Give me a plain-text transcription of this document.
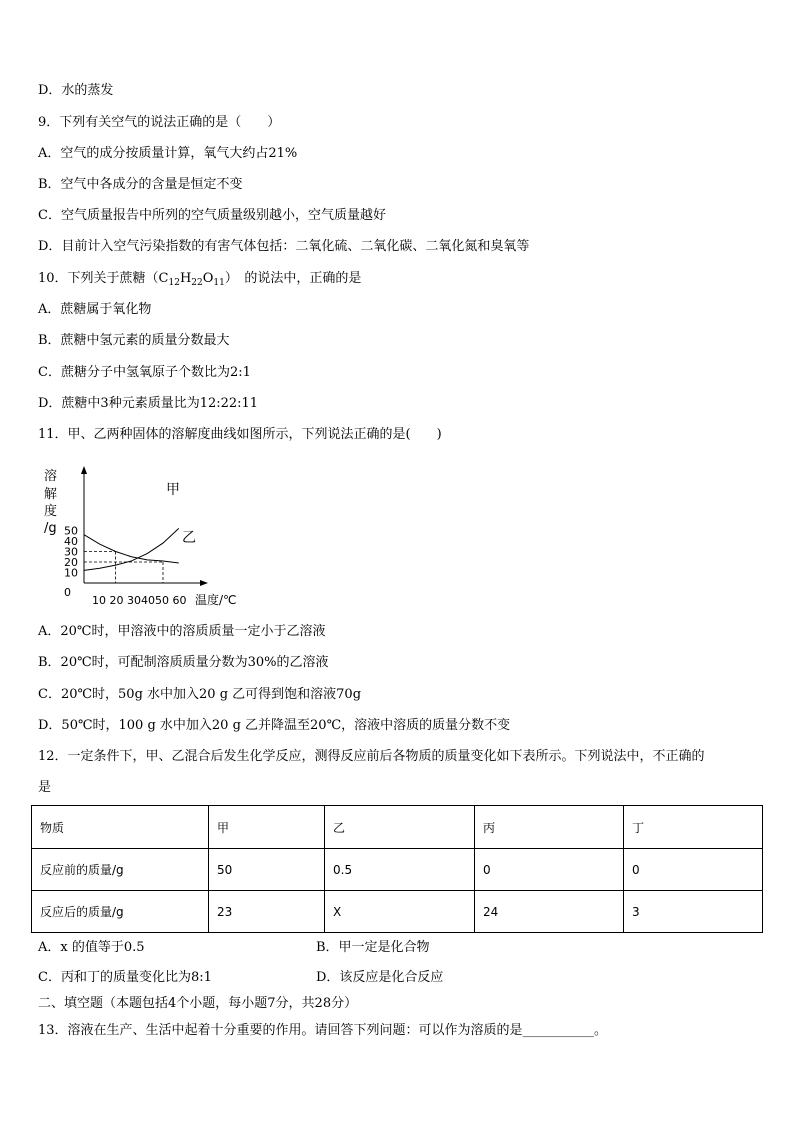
D．水的蒸发
9．下列有关空气的说法正确的是（　　）
A．空气的成分按质量计算，氧气大约占21%
B．空气中各成分的含量是恒定不变
C．空气质量报告中所列的空气质量级别越小，空气质量越好
D．目前计入空气污染指数的有害气体包括：二氧化硫、二氧化碳、二氧化氮和臭氧等
10．下列关于蔗糖$(C_{12}H_{22}O_{11})$　的说法中，正确的是
A．蔗糖属于氧化物
B．蔗糖中氢元素的质量分数最大
C．蔗糖分子中氢氧原子个数比为2:1
D．蔗糖中3种元素质量比为12:22:11
11．甲、乙两种固体的溶解度曲线如图所示，下列说法正确的是(　　)
甲
乙
溶
解
度
/g 50
40
30
20
10
0
10 20 304050 60 温度/℃
A．20℃时，甲溶液中的溶质质量一定小于乙溶液
B．20℃时，可配制溶质质量分数为30%的乙溶液
C．20℃时，50g 水中加入20 g 乙可得到饱和溶液70g
D．50℃时，100 g 水中加入20 g 乙并降温至20℃，溶液中溶质的质量分数不变
12．一定条件下，甲、乙混合后发生化学反应，测得反应前后各物质的质量变化如下表所示。下列说法中，不正确的
是
物质	甲	乙	丙	丁
反应前的质量/g	50	0.5	0	0
反应后的质量/g	23	X	24	3
A．x 的值等于0.5	B．甲一定是化合物
C．丙和丁的质量变化比为8:1	D．该反应是化合反应
二、填空题（本题包括4个小题，每小题7分，共28分）
13．溶液在生产、生活中起着十分重要的作用。请回答下列问题：可以作为溶质的是___________。
